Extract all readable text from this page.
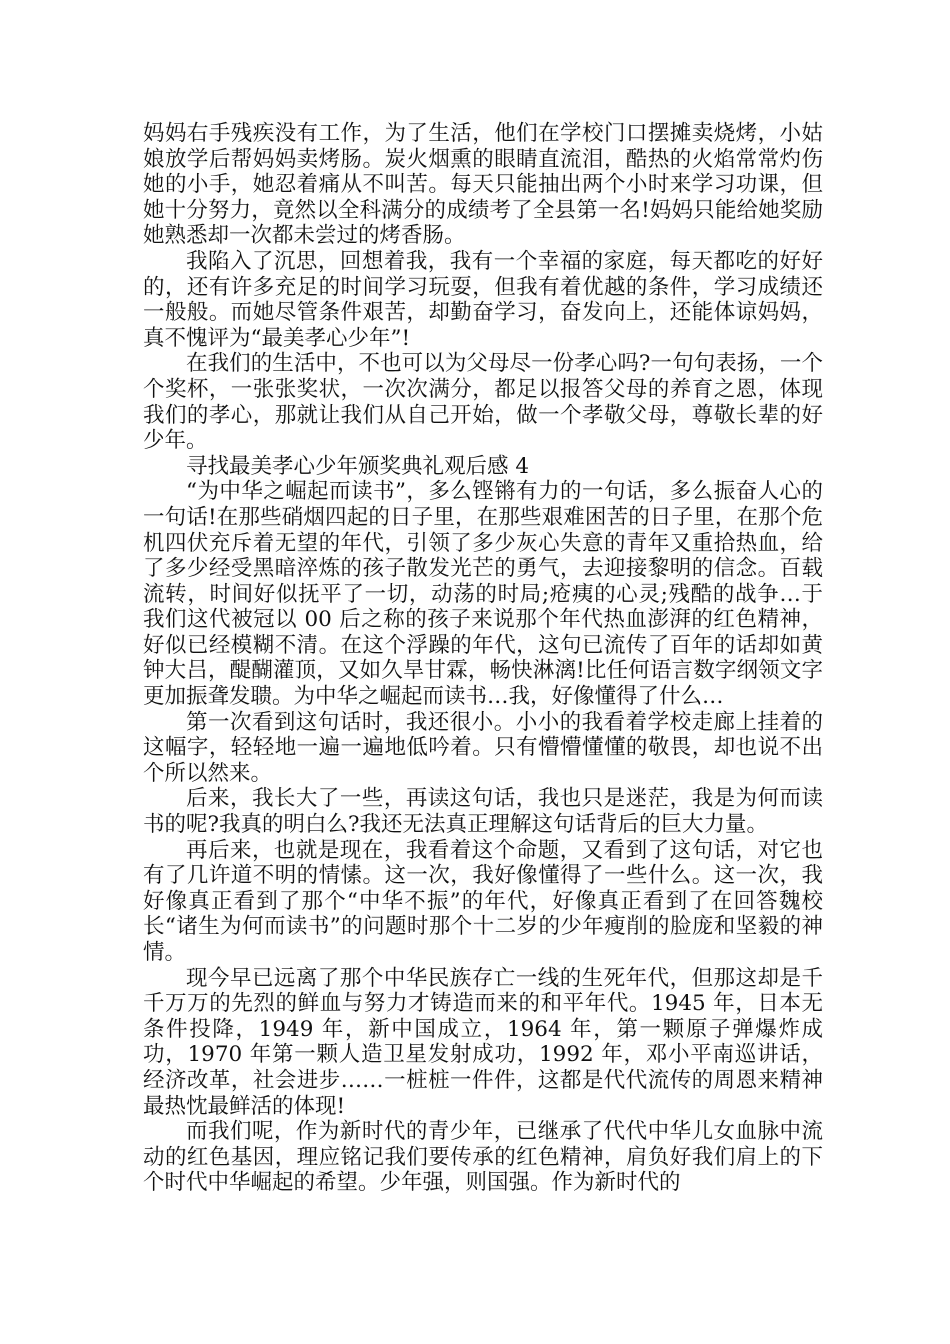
妈妈右手残疾没有工作，为了生活，他们在学校门口摆摊卖烧烤，小姑娘放学后帮妈妈卖烤肠。炭火烟熏的眼睛直流泪，酷热的火焰常常灼伤她的小手，她忍着痛从不叫苦。每天只能抽出两个小时来学习功课，但她十分努力，竟然以全科满分的成绩考了全县第一名!妈妈只能给她奖励她熟悉却一次都未尝过的烤香肠。

我陷入了沉思，回想着我，我有一个幸福的家庭，每天都吃的好好的，还有许多充足的时间学习玩耍，但我有着优越的条件，学习成绩还一般般。而她尽管条件艰苦，却勤奋学习，奋发向上，还能体谅妈妈，真不愧评为“最美孝心少年”!

在我们的生活中，不也可以为父母尽一份孝心吗?一句句表扬，一个个奖杯，一张张奖状，一次次满分，都足以报答父母的养育之恩，体现我们的孝心，那就让我们从自己开始，做一个孝敬父母，尊敬长辈的好少年。

寻找最美孝心少年颁奖典礼观后感 4

“为中华之崛起而读书”，多么铿锵有力的一句话，多么振奋人心的一句话!在那些硝烟四起的日子里，在那些艰难困苦的日子里，在那个危机四伏充斥着无望的年代，引领了多少灰心失意的青年又重拾热血，给了多少经受黑暗淬炼的孩子散发光芒的勇气，去迎接黎明的信念。百载流转，时间好似抚平了一切，动荡的时局;疮痍的心灵;残酷的战争…于我们这代被冠以 00 后之称的孩子来说那个年代热血澎湃的红色精神，好似已经模糊不清。在这个浮躁的年代，这句已流传了百年的话却如黄钟大吕，醍醐灌顶，又如久旱甘霖，畅快淋漓!比任何语言数字纲领文字更加振聋发聩。为中华之崛起而读书…我，好像懂得了什么…

第一次看到这句话时，我还很小。小小的我看着学校走廊上挂着的这幅字，轻轻地一遍一遍地低吟着。只有懵懵懂懂的敬畏，却也说不出个所以然来。

后来，我长大了一些，再读这句话，我也只是迷茫，我是为何而读书的呢?我真的明白么?我还无法真正理解这句话背后的巨大力量。

再后来，也就是现在，我看着这个命题，又看到了这句话，对它也有了几许道不明的情愫。这一次，我好像懂得了一些什么。这一次，我好像真正看到了那个“中华不振”的年代，好像真正看到了在回答魏校长“诸生为何而读书”的问题时那个十二岁的少年瘦削的脸庞和坚毅的神情。

现今早已远离了那个中华民族存亡一线的生死年代，但那这却是千千万万的先烈的鲜血与努力才铸造而来的和平年代。1945 年，日本无条件投降，1949 年，新中国成立，1964 年，第一颗原子弹爆炸成功，1970 年第一颗人造卫星发射成功，1992 年，邓小平南巡讲话，经济改革，社会进步……一桩桩一件件，这都是代代流传的周恩来精神最热忱最鲜活的体现!

而我们呢，作为新时代的青少年，已继承了代代中华儿女血脉中流动的红色基因，理应铭记我们要传承的红色精神，肩负好我们肩上的下个时代中华崛起的希望。少年强，则国强。作为新时代的
